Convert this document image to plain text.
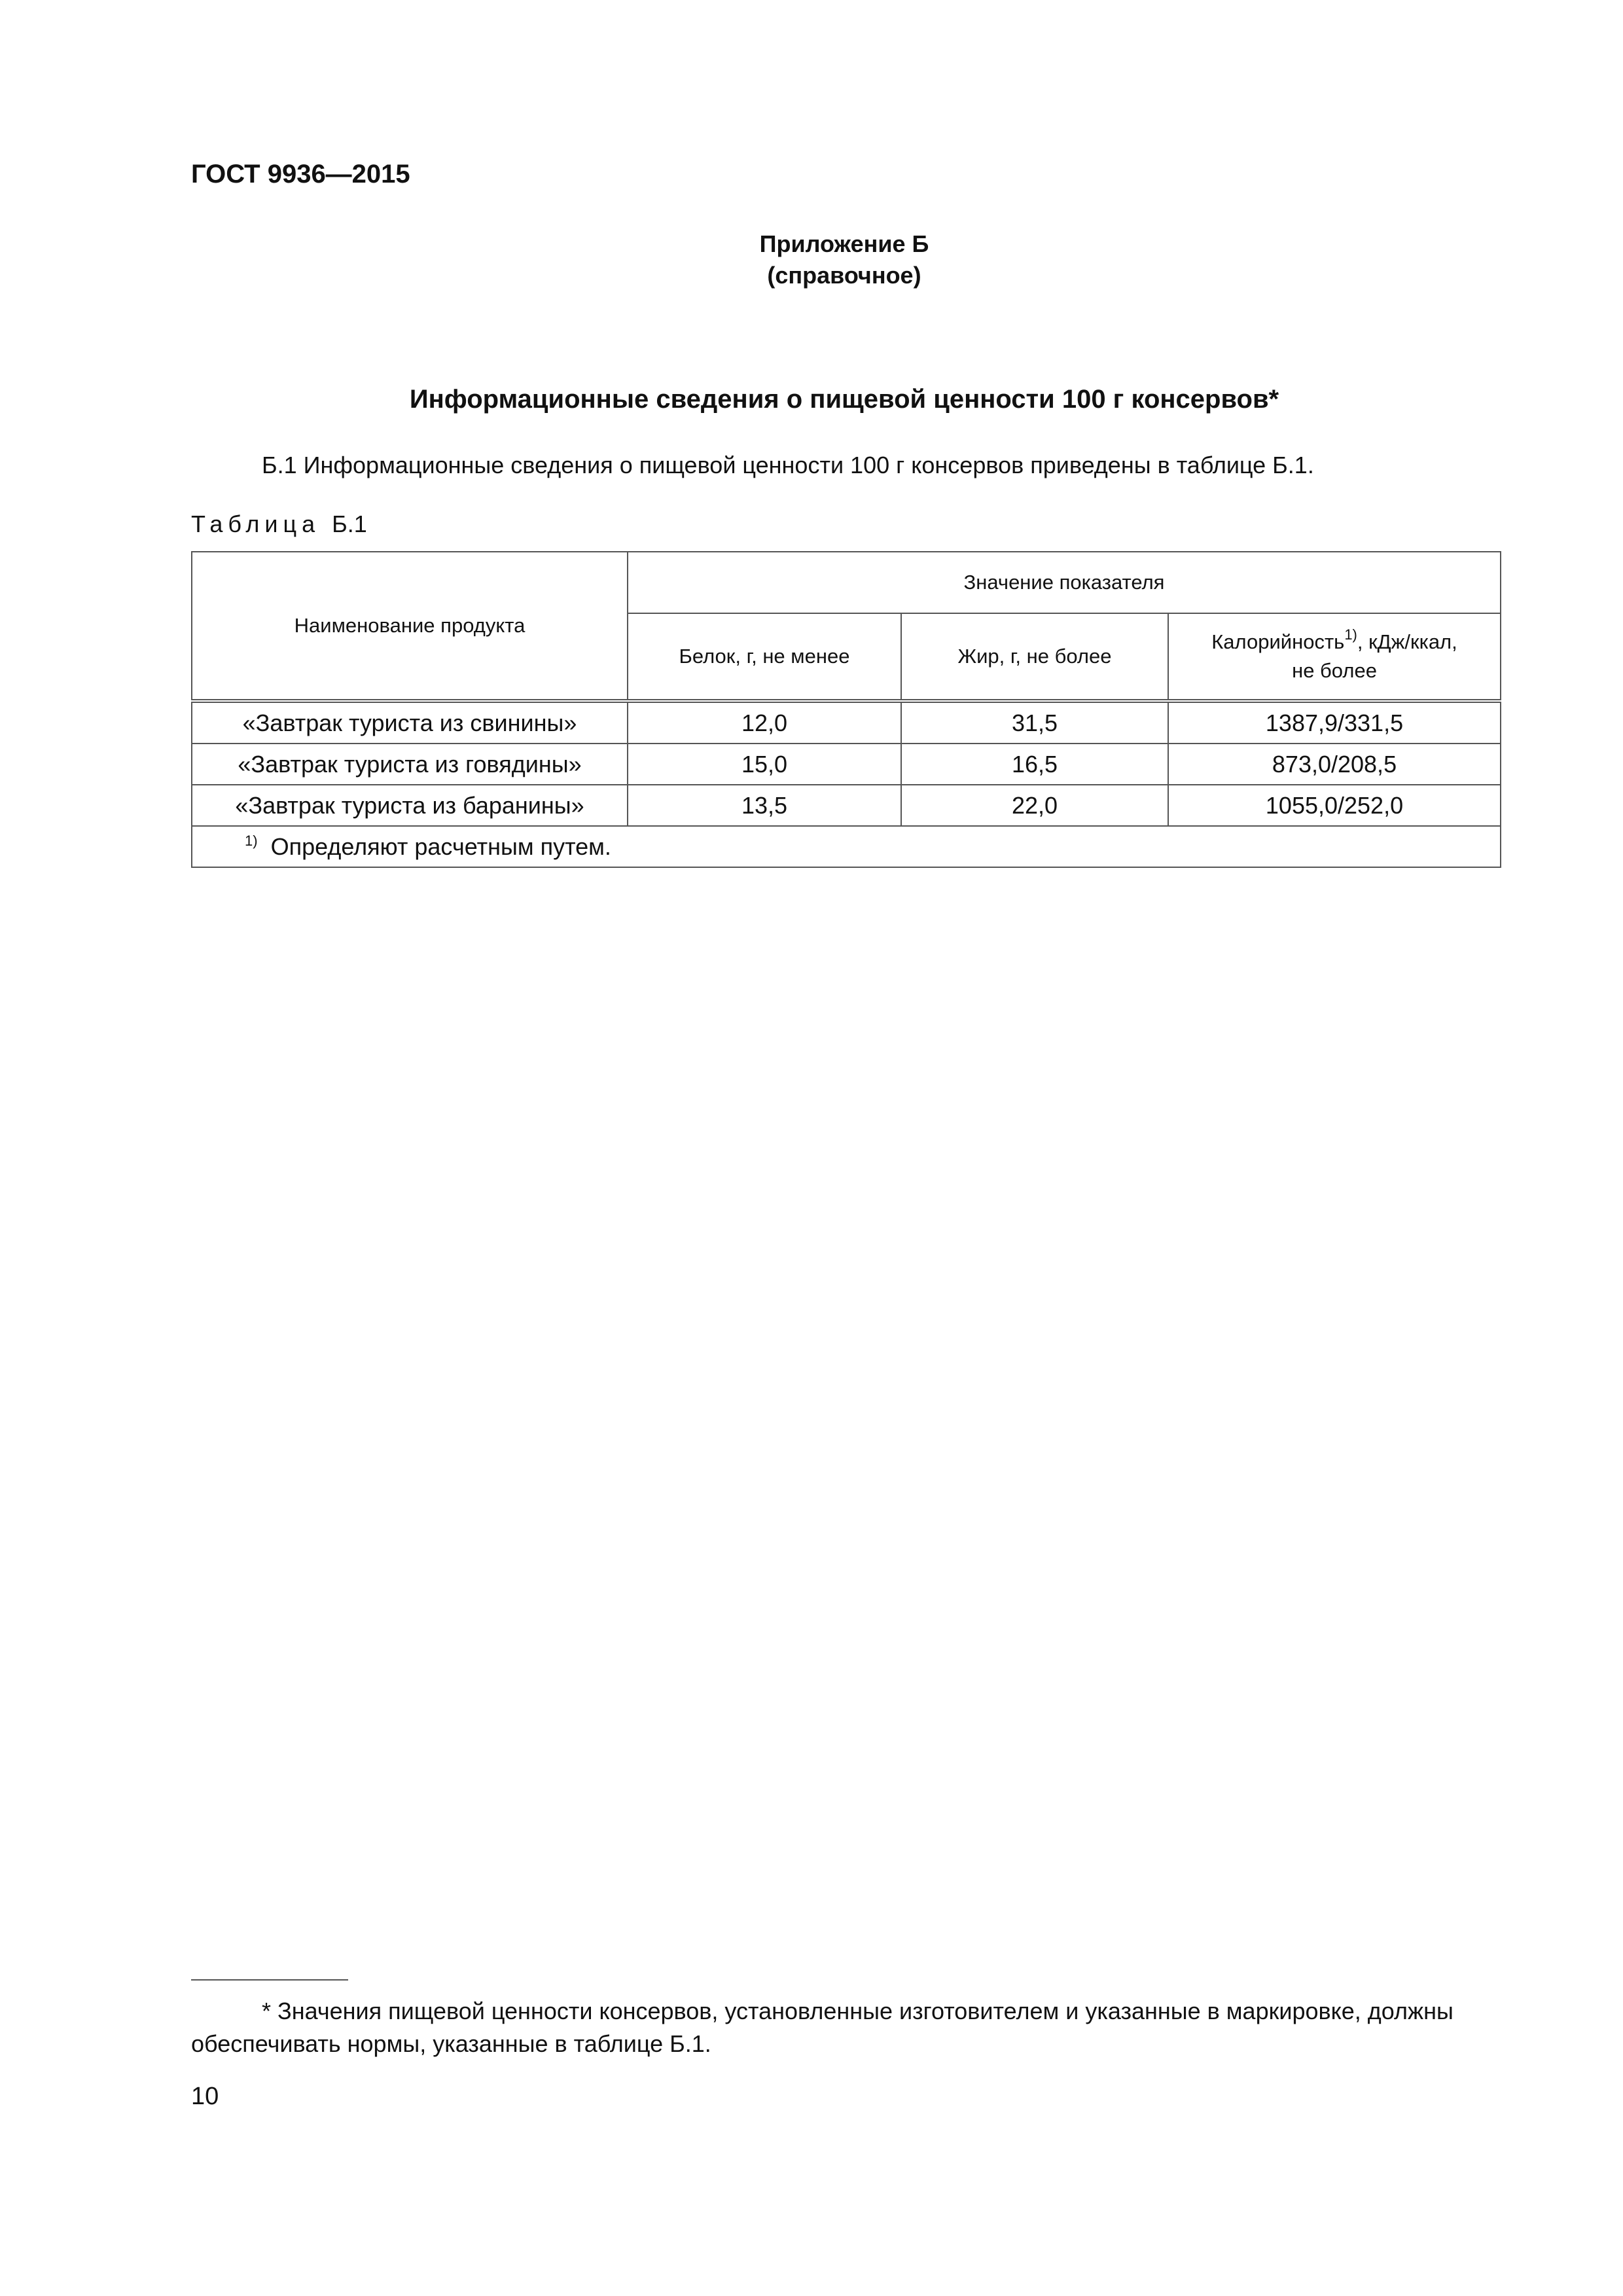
ГОСТ 9936—2015
Приложение Б
(справочное)
Информационные сведения о пищевой ценности 100 г консервов*
Б.1 Информационные сведения о пищевой ценности 100 г консервов приведены в таблице Б.1.
Таблица Б.1
Наименование продукта	Значение показателя		
	Белок, г, не менее	Жир, г, не более	Калорийность$^{1)}$, кДж/ккал,
не более
«Завтрак туриста из свинины»	12,0	31,5	1387,9/331,5
«Завтрак туриста из говядины»	15,0	16,5	873,0/208,5
«Завтрак туриста из баранины»	13,5	22,0	1055,0/252,0
$^{1)}$ Определяют расчетным путем.			
* Значения пищевой ценности консервов, установленные изготовителем и указанные в маркировке, должны обеспечивать нормы, указанные в таблице Б.1.
10
